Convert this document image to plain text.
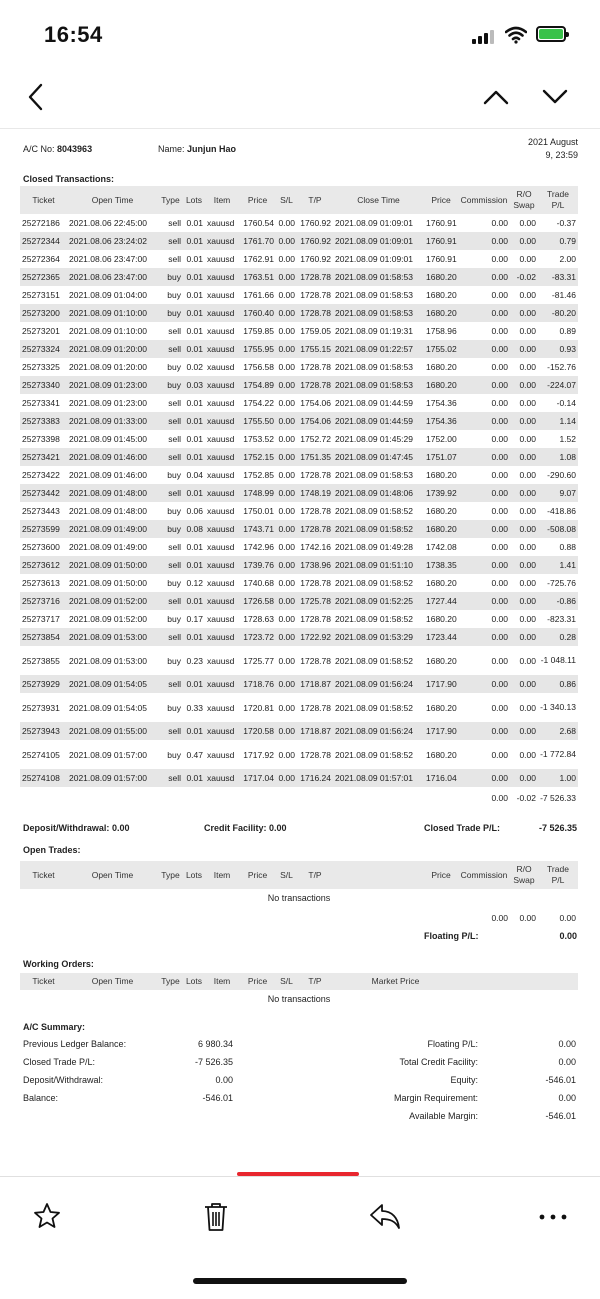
16:54
A/C No: 8043963	Name: Junjun Hao
2021 August
9, 23:59
Closed Transactions:
Ticket	Open Time	Type	Lots	Item	Price	S/L	T/P	Close Time	Price	Commission	R/O Swap	Trade P/L
25272186	2021.08.06 22:45:00	sell	0.01	xauusd	1760.54	0.00	1760.92	2021.08.09 01:09:01	1760.91	0.00	0.00	-0.37
25272344	2021.08.06 23:24:02	sell	0.01	xauusd	1761.70	0.00	1760.92	2021.08.09 01:09:01	1760.91	0.00	0.00	0.79
25272364	2021.08.06 23:47:00	sell	0.01	xauusd	1762.91	0.00	1760.92	2021.08.09 01:09:01	1760.91	0.00	0.00	2.00
25272365	2021.08.06 23:47:00	buy	0.01	xauusd	1763.51	0.00	1728.78	2021.08.09 01:58:53	1680.20	0.00	-0.02	-83.31
25273151	2021.08.09 01:04:00	buy	0.01	xauusd	1761.66	0.00	1728.78	2021.08.09 01:58:53	1680.20	0.00	0.00	-81.46
25273200	2021.08.09 01:10:00	buy	0.01	xauusd	1760.40	0.00	1728.78	2021.08.09 01:58:53	1680.20	0.00	0.00	-80.20
25273201	2021.08.09 01:10:00	sell	0.01	xauusd	1759.85	0.00	1759.05	2021.08.09 01:19:31	1758.96	0.00	0.00	0.89
25273324	2021.08.09 01:20:00	sell	0.01	xauusd	1755.95	0.00	1755.15	2021.08.09 01:22:57	1755.02	0.00	0.00	0.93
25273325	2021.08.09 01:20:00	buy	0.02	xauusd	1756.58	0.00	1728.78	2021.08.09 01:58:53	1680.20	0.00	0.00	-152.76
25273340	2021.08.09 01:23:00	buy	0.03	xauusd	1754.89	0.00	1728.78	2021.08.09 01:58:53	1680.20	0.00	0.00	-224.07
25273341	2021.08.09 01:23:00	sell	0.01	xauusd	1754.22	0.00	1754.06	2021.08.09 01:44:59	1754.36	0.00	0.00	-0.14
25273383	2021.08.09 01:33:00	sell	0.01	xauusd	1755.50	0.00	1754.06	2021.08.09 01:44:59	1754.36	0.00	0.00	1.14
25273398	2021.08.09 01:45:00	sell	0.01	xauusd	1753.52	0.00	1752.72	2021.08.09 01:45:29	1752.00	0.00	0.00	1.52
25273421	2021.08.09 01:46:00	sell	0.01	xauusd	1752.15	0.00	1751.35	2021.08.09 01:47:45	1751.07	0.00	0.00	1.08
25273422	2021.08.09 01:46:00	buy	0.04	xauusd	1752.85	0.00	1728.78	2021.08.09 01:58:53	1680.20	0.00	0.00	-290.60
25273442	2021.08.09 01:48:00	sell	0.01	xauusd	1748.99	0.00	1748.19	2021.08.09 01:48:06	1739.92	0.00	0.00	9.07
25273443	2021.08.09 01:48:00	buy	0.06	xauusd	1750.01	0.00	1728.78	2021.08.09 01:58:52	1680.20	0.00	0.00	-418.86
25273599	2021.08.09 01:49:00	buy	0.08	xauusd	1743.71	0.00	1728.78	2021.08.09 01:58:52	1680.20	0.00	0.00	-508.08
25273600	2021.08.09 01:49:00	sell	0.01	xauusd	1742.96	0.00	1742.16	2021.08.09 01:49:28	1742.08	0.00	0.00	0.88
25273612	2021.08.09 01:50:00	sell	0.01	xauusd	1739.76	0.00	1738.96	2021.08.09 01:51:10	1738.35	0.00	0.00	1.41
25273613	2021.08.09 01:50:00	buy	0.12	xauusd	1740.68	0.00	1728.78	2021.08.09 01:58:52	1680.20	0.00	0.00	-725.76
25273716	2021.08.09 01:52:00	sell	0.01	xauusd	1726.58	0.00	1725.78	2021.08.09 01:52:25	1727.44	0.00	0.00	-0.86
25273717	2021.08.09 01:52:00	buy	0.17	xauusd	1728.63	0.00	1728.78	2021.08.09 01:58:52	1680.20	0.00	0.00	-823.31
25273854	2021.08.09 01:53:00	sell	0.01	xauusd	1723.72	0.00	1722.92	2021.08.09 01:53:29	1723.44	0.00	0.00	0.28
25273855	2021.08.09 01:53:00	buy	0.23	xauusd	1725.77	0.00	1728.78	2021.08.09 01:58:52	1680.20	0.00	0.00	-1 048.11
25273929	2021.08.09 01:54:05	sell	0.01	xauusd	1718.76	0.00	1718.87	2021.08.09 01:56:24	1717.90	0.00	0.00	0.86
25273931	2021.08.09 01:54:05	buy	0.33	xauusd	1720.81	0.00	1728.78	2021.08.09 01:58:52	1680.20	0.00	0.00	-1 340.13
25273943	2021.08.09 01:55:00	sell	0.01	xauusd	1720.58	0.00	1718.87	2021.08.09 01:56:24	1717.90	0.00	0.00	2.68
25274105	2021.08.09 01:57:00	buy	0.47	xauusd	1717.92	0.00	1728.78	2021.08.09 01:58:52	1680.20	0.00	0.00	-1 772.84
25274108	2021.08.09 01:57:00	sell	0.01	xauusd	1717.04	0.00	1716.24	2021.08.09 01:57:01	1716.04	0.00	0.00	1.00
										0.00	-0.02	-7 526.33
Deposit/Withdrawal: 0.00	Credit Facility: 0.00	Closed Trade P/L:	-7 526.35
Open Trades:
Ticket	Open Time	Type	Lots	Item	Price	S/L	T/P		Price	Commission	R/O Swap	Trade P/L
No transactions												
										0.00	0.00	0.00
Floating P/L:	0.00
Working Orders:
Ticket	Open Time	Type	Lots	Item	Price	S/L	T/P	Market Price	
No transactions
A/C Summary:
Previous Ledger Balance:	6 980.34
Closed Trade P/L:	-7 526.35
Deposit/Withdrawal:	0.00
Balance:	-546.01
Floating P/L:	0.00
Total Credit Facility:	0.00
Equity:	-546.01
Margin Requirement:	0.00
Available Margin:	-546.01
